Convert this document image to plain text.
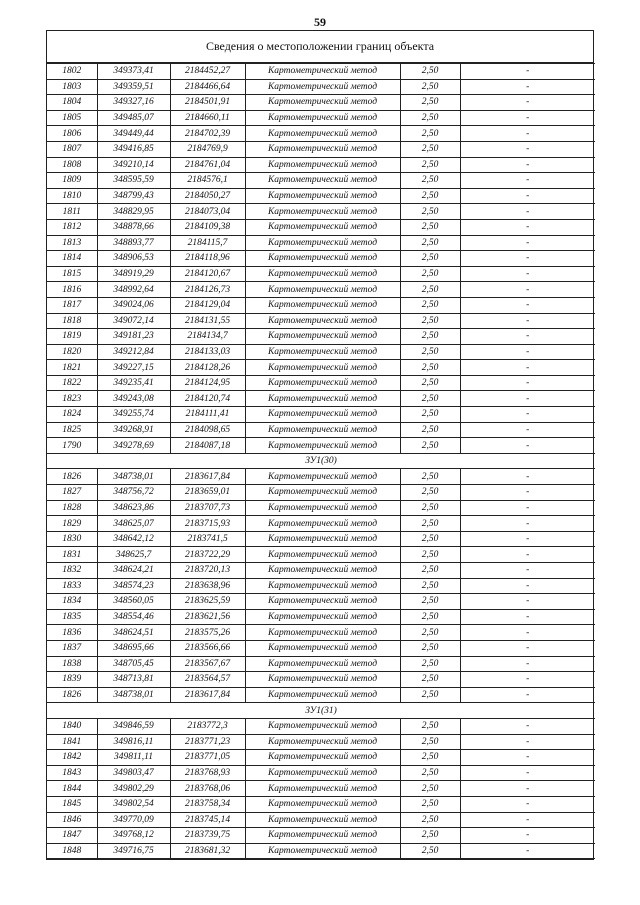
59
Сведения о местоположении границ объекта
1802	349373,41	2184452,27	Картометрический метод	2,50	-
1803	349359,51	2184466,64	Картометрический метод	2,50	-
1804	349327,16	2184501,91	Картометрический метод	2,50	-
1805	349485,07	2184660,11	Картометрический метод	2,50	-
1806	349449,44	2184702,39	Картометрический метод	2,50	-
1807	349416,85	2184769,9	Картометрический метод	2,50	-
1808	349210,14	2184761,04	Картометрический метод	2,50	-
1809	348595,59	2184576,1	Картометрический метод	2,50	-
1810	348799,43	2184050,27	Картометрический метод	2,50	-
1811	348829,95	2184073,04	Картометрический метод	2,50	-
1812	348878,66	2184109,38	Картометрический метод	2,50	-
1813	348893,77	2184115,7	Картометрический метод	2,50	-
1814	348906,53	2184118,96	Картометрический метод	2,50	-
1815	348919,29	2184120,67	Картометрический метод	2,50	-
1816	348992,64	2184126,73	Картометрический метод	2,50	-
1817	349024,06	2184129,04	Картометрический метод	2,50	-
1818	349072,14	2184131,55	Картометрический метод	2,50	-
1819	349181,23	2184134,7	Картометрический метод	2,50	-
1820	349212,84	2184133,03	Картометрический метод	2,50	-
1821	349227,15	2184128,26	Картометрический метод	2,50	-
1822	349235,41	2184124,95	Картометрический метод	2,50	-
1823	349243,08	2184120,74	Картометрический метод	2,50	-
1824	349255,74	2184111,41	Картометрический метод	2,50	-
1825	349268,91	2184098,65	Картометрический метод	2,50	-
1790	349278,69	2184087,18	Картометрический метод	2,50	-
ЗУ1(30)					
1826	348738,01	2183617,84	Картометрический метод	2,50	-
1827	348756,72	2183659,01	Картометрический метод	2,50	-
1828	348623,86	2183707,73	Картометрический метод	2,50	-
1829	348625,07	2183715,93	Картометрический метод	2,50	-
1830	348642,12	2183741,5	Картометрический метод	2,50	-
1831	348625,7	2183722,29	Картометрический метод	2,50	-
1832	348624,21	2183720,13	Картометрический метод	2,50	-
1833	348574,23	2183638,96	Картометрический метод	2,50	-
1834	348560,05	2183625,59	Картометрический метод	2,50	-
1835	348554,46	2183621,56	Картометрический метод	2,50	-
1836	348624,51	2183575,26	Картометрический метод	2,50	-
1837	348695,66	2183566,66	Картометрический метод	2,50	-
1838	348705,45	2183567,67	Картометрический метод	2,50	-
1839	348713,81	2183564,57	Картометрический метод	2,50	-
1826	348738,01	2183617,84	Картометрический метод	2,50	-
ЗУ1(31)					
1840	349846,59	2183772,3	Картометрический метод	2,50	-
1841	349816,11	2183771,23	Картометрический метод	2,50	-
1842	349811,11	2183771,05	Картометрический метод	2,50	-
1843	349803,47	2183768,93	Картометрический метод	2,50	-
1844	349802,29	2183768,06	Картометрический метод	2,50	-
1845	349802,54	2183758,34	Картометрический метод	2,50	-
1846	349770,09	2183745,14	Картометрический метод	2,50	-
1847	349768,12	2183739,75	Картометрический метод	2,50	-
1848	349716,75	2183681,32	Картометрический метод	2,50	-
